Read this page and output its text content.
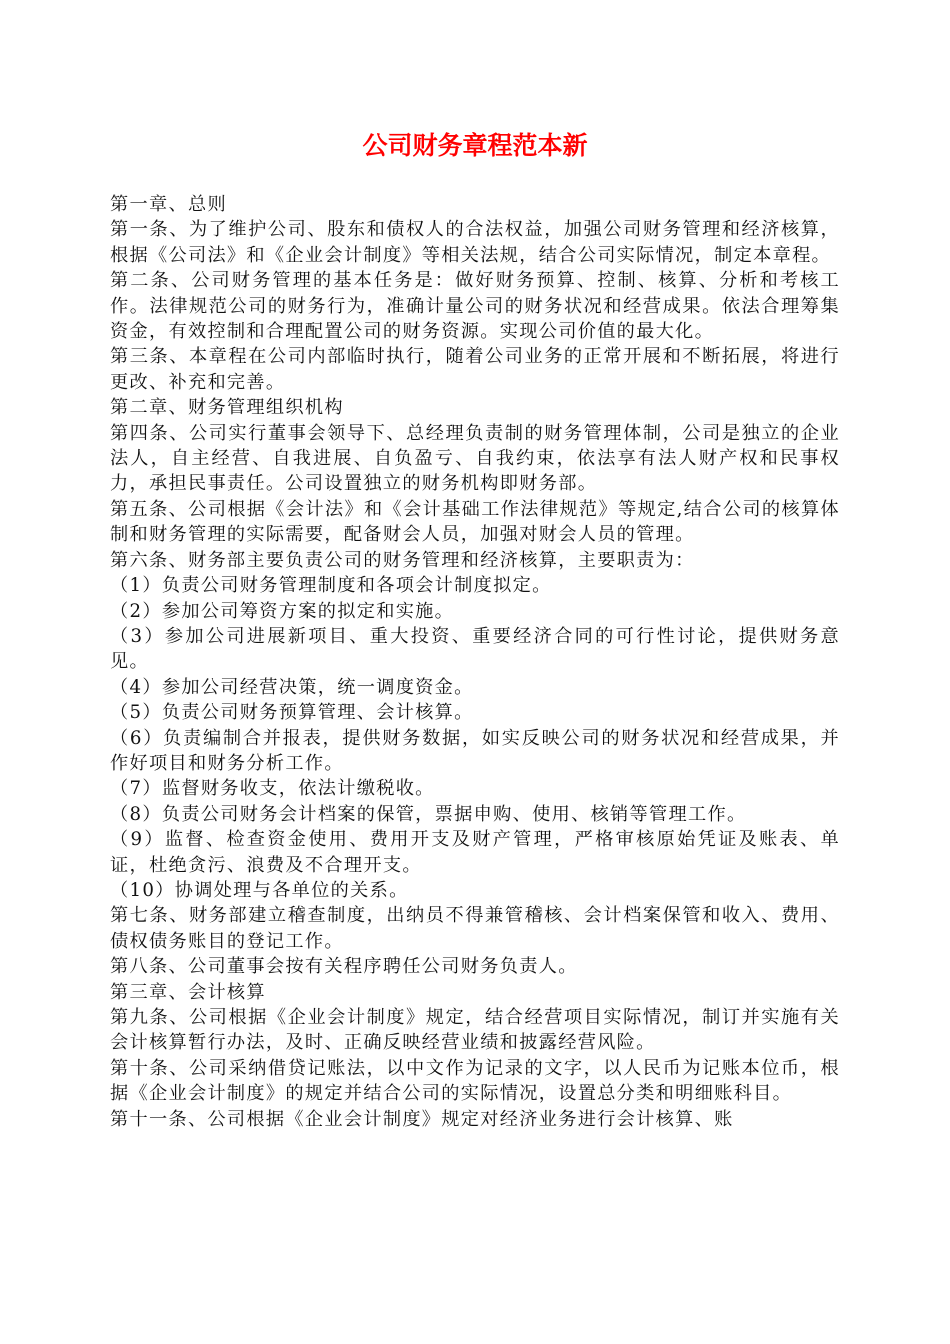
公司财务章程范本新

第一章、总则

第一条、为了维护公司、股东和债权人的合法权益，加强公司财务管理和经济核算，根据《公司法》和《企业会计制度》等相关法规，结合公司实际情况，制定本章程。

第二条、公司财务管理的基本任务是：做好财务预算、控制、核算、分析和考核工作。法律规范公司的财务行为，准确计量公司的财务状况和经营成果。依法合理筹集资金，有效控制和合理配置公司的财务资源。实现公司价值的最大化。

第三条、本章程在公司内部临时执行，随着公司业务的正常开展和不断拓展，将进行更改、补充和完善。

第二章、财务管理组织机构

第四条、公司实行董事会领导下、总经理负责制的财务管理体制，公司是独立的企业法人，自主经营、自我进展、自负盈亏、自我约束，依法享有法人财产权和民事权力，承担民事责任。公司设置独立的财务机构即财务部。

第五条、公司根据《会计法》和《会计基础工作法律规范》等规定,结合公司的核算体制和财务管理的实际需要，配备财会人员，加强对财会人员的管理。

第六条、财务部主要负责公司的财务管理和经济核算，主要职责为：

（1）负责公司财务管理制度和各项会计制度拟定。

（2）参加公司筹资方案的拟定和实施。

（3）参加公司进展新项目、重大投资、重要经济合同的可行性讨论，提供财务意见。

（4）参加公司经营决策，统一调度资金。

（5）负责公司财务预算管理、会计核算。

（6）负责编制合并报表，提供财务数据，如实反映公司的财务状况和经营成果，并作好项目和财务分析工作。

（7）监督财务收支，依法计缴税收。

（8）负责公司财务会计档案的保管，票据申购、使用、核销等管理工作。

（9）监督、检查资金使用、费用开支及财产管理，严格审核原始凭证及账表、单证，杜绝贪污、浪费及不合理开支。

（10）协调处理与各单位的关系。

第七条、财务部建立稽查制度，出纳员不得兼管稽核、会计档案保管和收入、费用、债权债务账目的登记工作。

第八条、公司董事会按有关程序聘任公司财务负责人。

第三章、会计核算

第九条、公司根据《企业会计制度》规定，结合经营项目实际情况，制订并实施有关会计核算暂行办法，及时、正确反映经营业绩和披露经营风险。

第十条、公司采纳借贷记账法，以中文作为记录的文字，以人民币为记账本位币，根据《企业会计制度》的规定并结合公司的实际情况，设置总分类和明细账科目。

第十一条、公司根据《企业会计制度》规定对经济业务进行会计核算、账
